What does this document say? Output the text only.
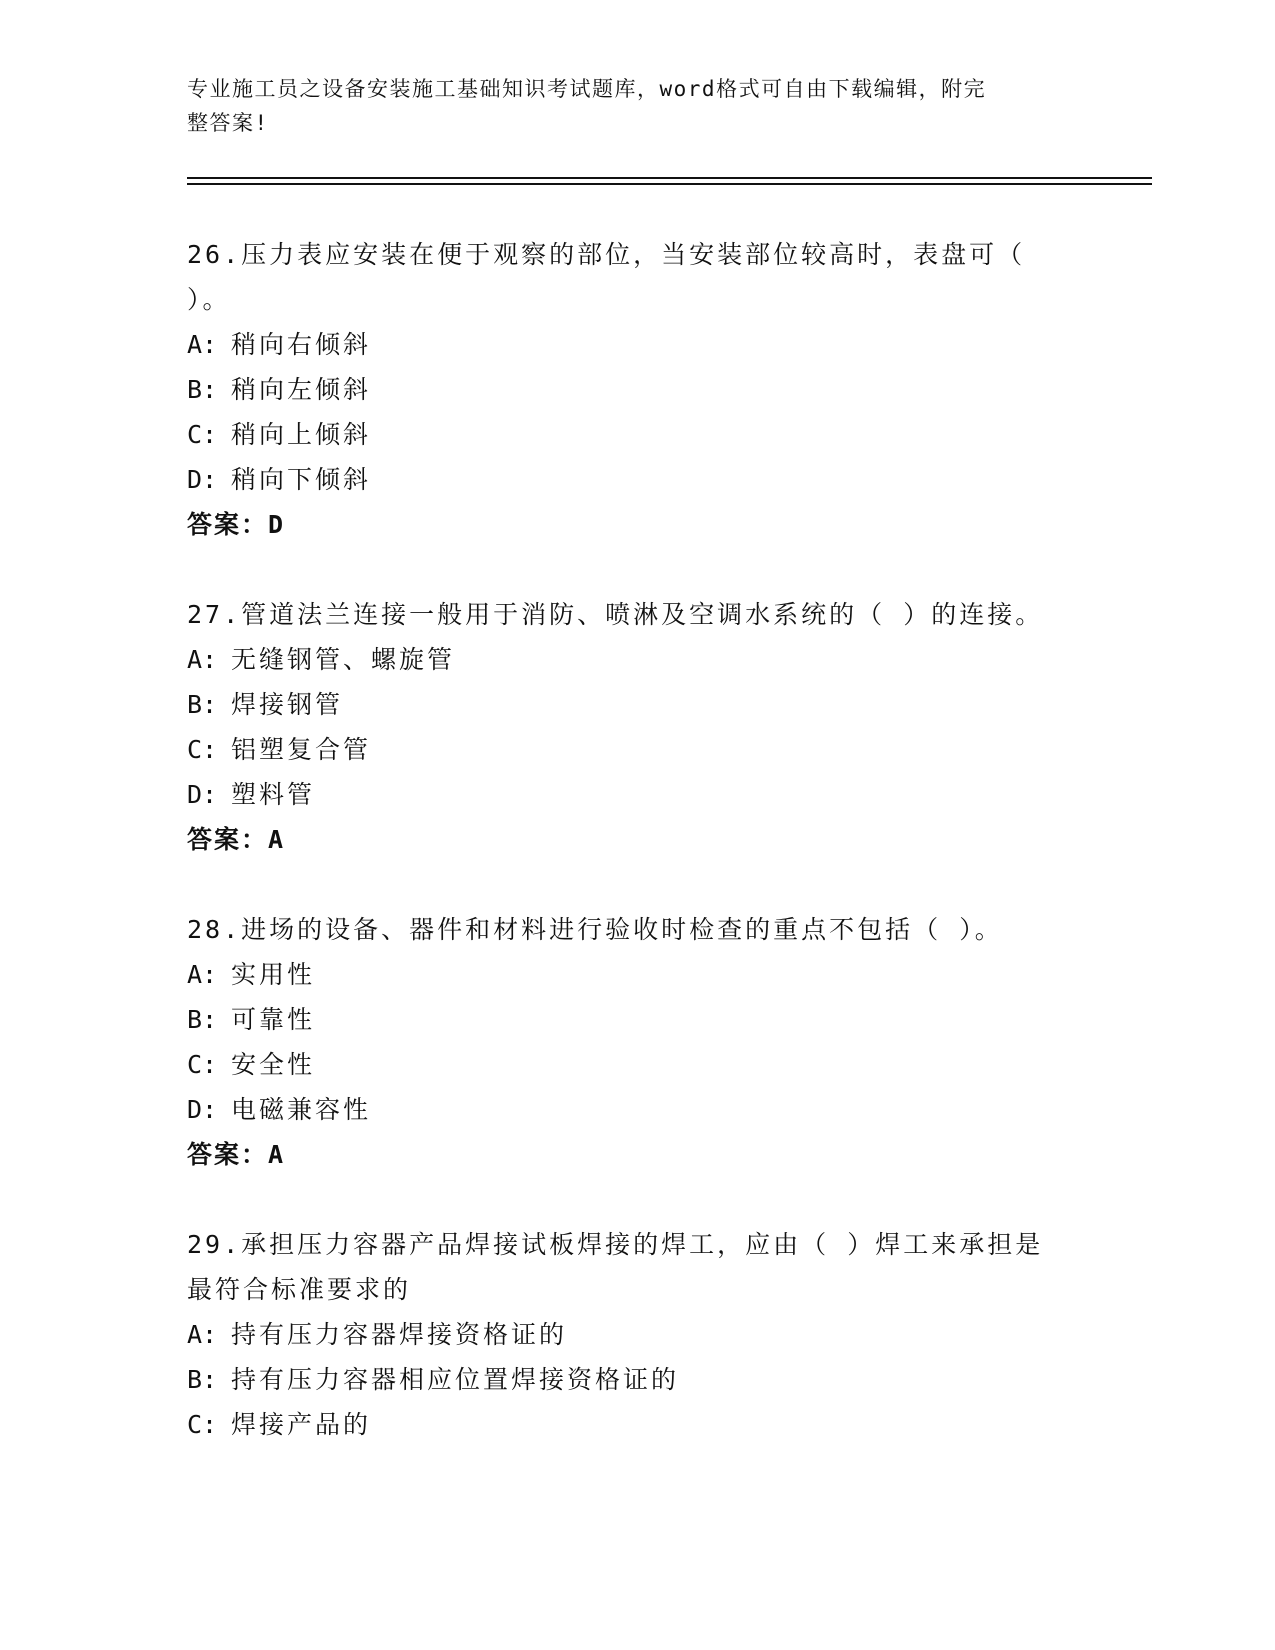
专业施工员之设备安装施工基础知识考试题库，word格式可自由下载编辑，附完
整答案!
26.压力表应安装在便于观察的部位，当安装部位较高时，表盘可（
）。
A: 稍向右倾斜
B: 稍向左倾斜
C: 稍向上倾斜
D: 稍向下倾斜
答案：D
27.管道法兰连接一般用于消防、喷淋及空调水系统的（ ）的连接。
A: 无缝钢管、螺旋管
B: 焊接钢管
C: 铝塑复合管
D: 塑料管
答案：A
28.进场的设备、器件和材料进行验收时检查的重点不包括（ ）。
A: 实用性
B: 可靠性
C: 安全性
D: 电磁兼容性
答案：A
29.承担压力容器产品焊接试板焊接的焊工，应由（ ）焊工来承担是
最符合标准要求的
A: 持有压力容器焊接资格证的
B: 持有压力容器相应位置焊接资格证的
C: 焊接产品的
